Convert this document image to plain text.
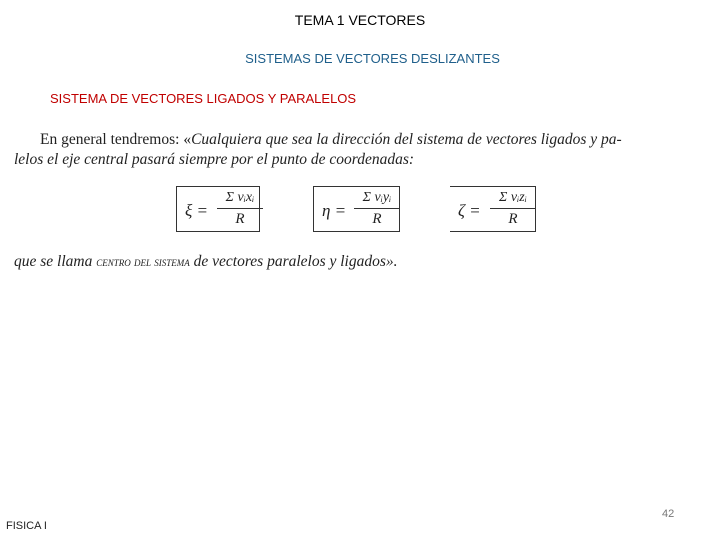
TEMA 1 VECTORES
SISTEMAS DE VECTORES DESLIZANTES
SISTEMA DE VECTORES LIGADOS Y PARALELOS
En general tendremos: «Cualquiera que sea la dirección del sistema de vectores ligados y pa-
lelos el eje central pasará siempre por el punto de coordenadas:
ξ =
Σ vᵢxᵢ
R	η =
Σ vᵢyᵢ
R	ζ =
Σ vᵢzᵢ
R
que se llama centro del sistema de vectores paralelos y ligados».
FISICA I
42
